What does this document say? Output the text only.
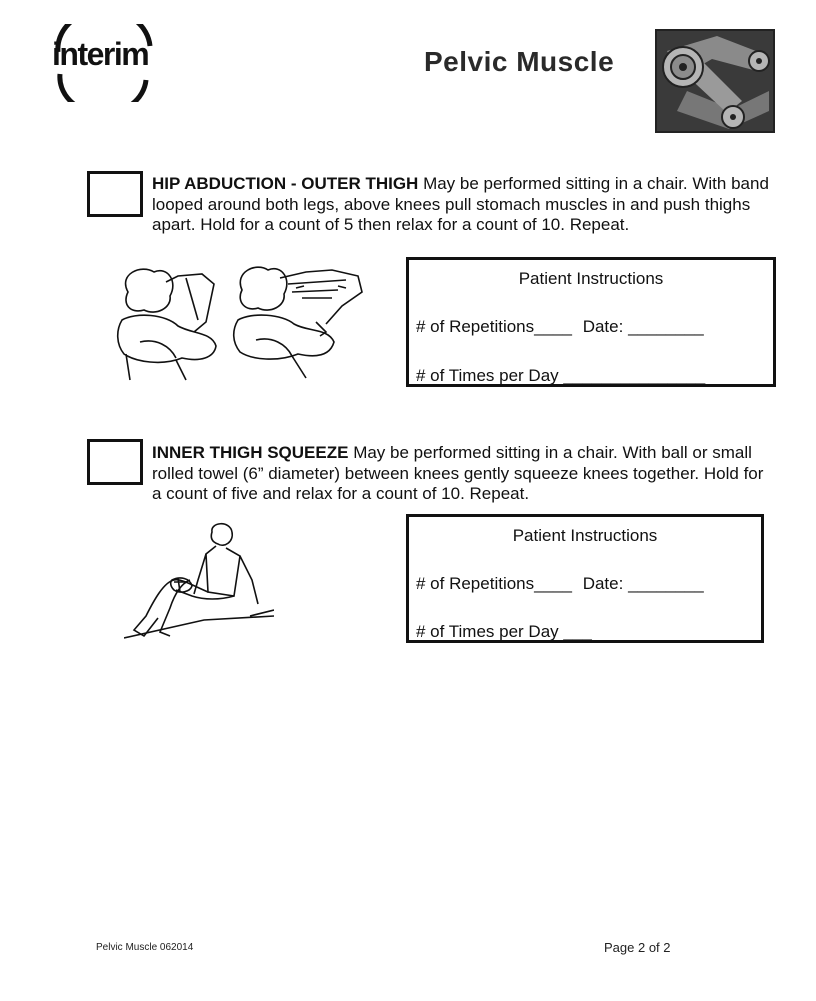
interim	Pelvic Muscle
HIP ABDUCTION - OUTER THIGH May be performed sitting in a chair. With band looped around both legs, above knees pull stomach muscles in and push thighs apart. Hold for a count of 5 then relax for a count of 10. Repeat.
Patient Instructions
# of Repetitions____ Date: ________
# of Times per Day _______________
INNER THIGH SQUEEZE May be performed sitting in a chair. With ball or small rolled towel (6” diameter) between knees gently squeeze knees together. Hold for a count of five and relax for a count of 10. Repeat.
Patient Instructions
# of Repetitions____ Date: ________
# of Times per Day ___
Pelvic Muscle 062014	Page 2 of 2
